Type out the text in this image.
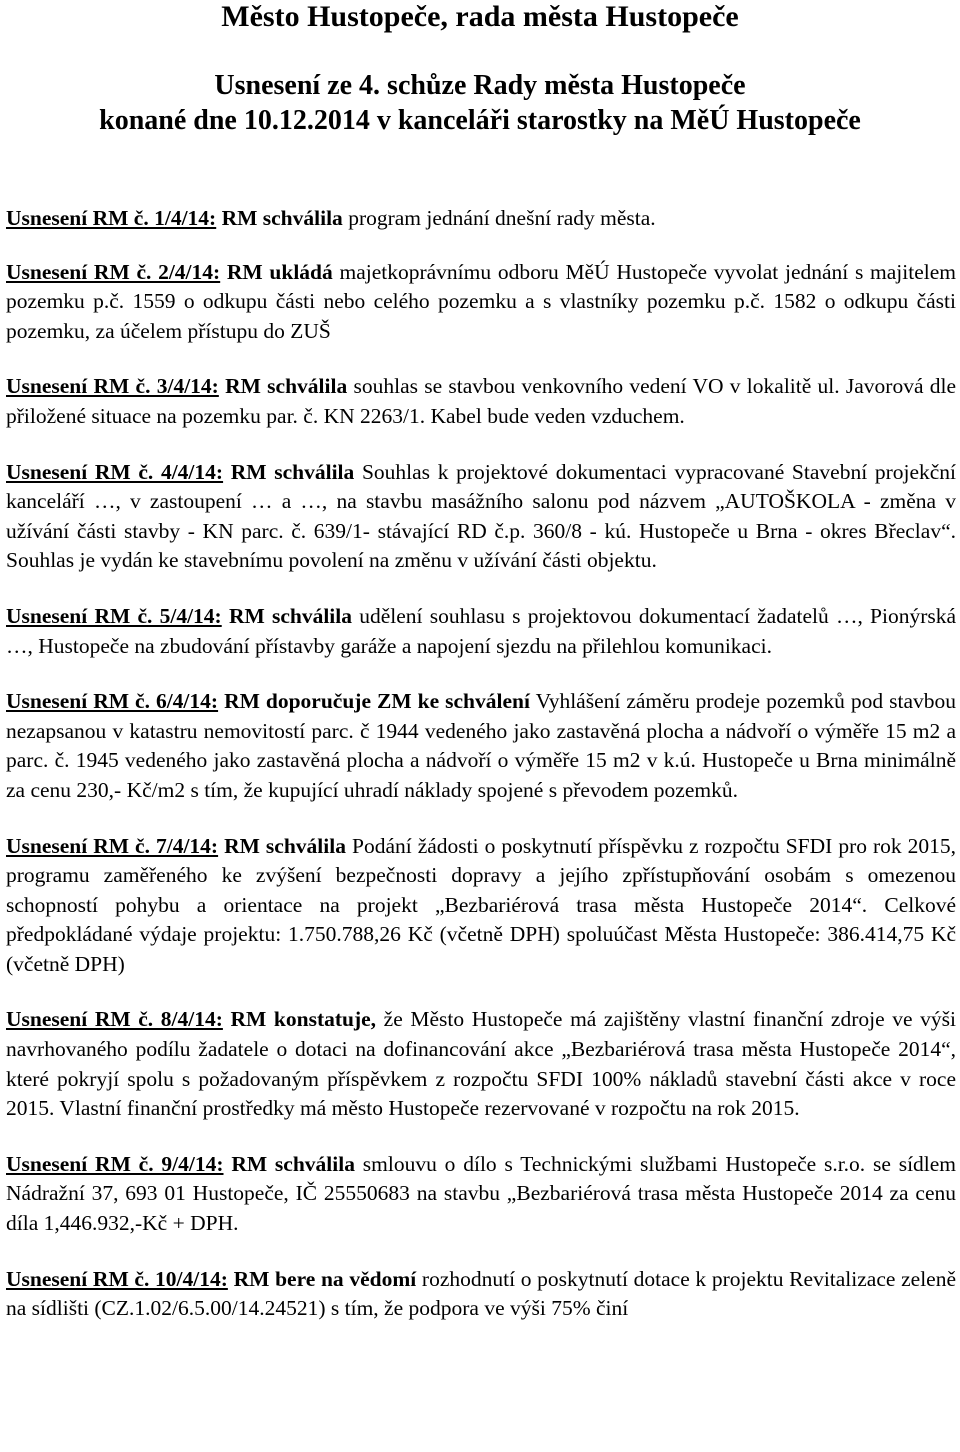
Město Hustopeče, rada města Hustopeče
Usnesení ze 4. schůze Rady města Hustopeče
konané dne 10.12.2014 v kanceláři starostky na MěÚ Hustopeče

Usnesení RM č. 1/4/14: RM schválila program jednání dnešní rady města.

Usnesení RM č. 2/4/14: RM ukládá majetkoprávnímu odboru MěÚ Hustopeče vyvolat jednání s majitelem pozemku p.č. 1559 o odkupu části nebo celého pozemku a s vlastníky pozemku p.č. 1582 o odkupu části pozemku, za účelem přístupu do ZUŠ

Usnesení RM č. 3/4/14: RM schválila souhlas se stavbou venkovního vedení VO v lokalitě ul. Javorová dle přiložené situace na pozemku par. č. KN 2263/1. Kabel bude veden vzduchem.

Usnesení RM č. 4/4/14: RM schválila Souhlas k projektové dokumentaci vypracované Stavební projekční kanceláří …, v zastoupení … a …, na stavbu masážního salonu pod názvem „AUTOŠKOLA - změna v užívání části stavby - KN parc. č. 639/1- stávající RD č.p. 360/8 - kú. Hustopeče u Brna - okres Břeclav“. Souhlas je vydán ke stavebnímu povolení na změnu v užívání části objektu.

Usnesení RM č. 5/4/14: RM schválila udělení souhlasu s projektovou dokumentací žadatelů …, Pionýrská …, Hustopeče na zbudování přístavby garáže a napojení sjezdu na přilehlou komunikaci.

Usnesení RM č. 6/4/14: RM doporučuje ZM ke schválení Vyhlášení záměru prodeje pozemků pod stavbou nezapsanou v katastru nemovitostí parc. č 1944 vedeného jako zastavěná plocha a nádvoří o výměře 15 m2 a parc. č. 1945 vedeného jako zastavěná plocha a nádvoří o výměře 15 m2 v k.ú. Hustopeče u Brna minimálně za cenu 230,- Kč/m2 s tím, že kupující uhradí náklady spojené s převodem pozemků.

Usnesení RM č. 7/4/14: RM schválila Podání žádosti o poskytnutí příspěvku z rozpočtu SFDI pro rok 2015, programu zaměřeného ke zvýšení bezpečnosti dopravy a jejího zpřístupňování osobám s omezenou schopností pohybu a orientace na projekt „Bezbariérová trasa města Hustopeče 2014“. Celkové předpokládané výdaje projektu: 1.750.788,26 Kč (včetně DPH) spoluúčast Města Hustopeče: 386.414,75 Kč (včetně DPH)

Usnesení RM č. 8/4/14: RM konstatuje, že Město Hustopeče má zajištěny vlastní finanční zdroje ve výši navrhovaného podílu žadatele o dotaci na dofinancování akce „Bezbariérová trasa města Hustopeče 2014“, které pokryjí spolu s požadovaným příspěvkem z rozpočtu SFDI 100% nákladů stavební části akce v roce 2015. Vlastní finanční prostředky má město Hustopeče rezervované v rozpočtu na rok 2015.

Usnesení RM č. 9/4/14: RM schválila smlouvu o dílo s Technickými službami Hustopeče s.r.o. se sídlem Nádražní 37, 693 01 Hustopeče, IČ 25550683 na stavbu „Bezbariérová trasa města Hustopeče 2014 za cenu díla 1,446.932,-Kč + DPH.

Usnesení RM č. 10/4/14: RM bere na vědomí rozhodnutí o poskytnutí dotace k projektu Revitalizace zeleně na sídlišti (CZ.1.02/6.5.00/14.24521) s tím, že podpora ve výši 75% činí
